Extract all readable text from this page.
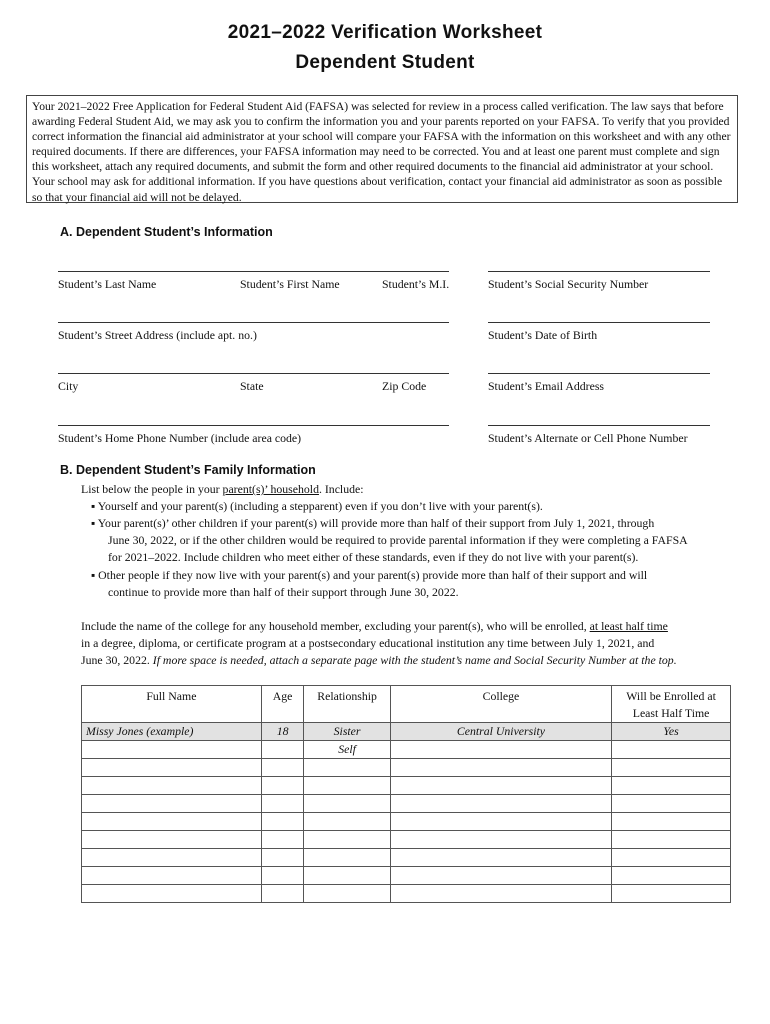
2021–2022 Verification Worksheet
Dependent Student
Your 2021–2022 Free Application for Federal Student Aid (FAFSA) was selected for review in a process called verification. The law says that before awarding Federal Student Aid, we may ask you to confirm the information you and your parents reported on your FAFSA. To verify that you provided correct information the financial aid administrator at your school will compare your FAFSA with the information on this worksheet and with any other required documents. If there are differences, your FAFSA information may need to be corrected. You and at least one parent must complete and sign this worksheet, attach any required documents, and submit the form and other required documents to the financial aid administrator at your school. Your school may ask for additional information. If you have questions about verification, contact your financial aid administrator as soon as possible so that your financial aid will not be delayed.
A. Dependent Student’s Information
Student’s Last Name	Student’s First Name	Student’s M.I.	Student’s Social Security Number
Student’s Street Address (include apt. no.)	Student’s Date of Birth
City	State	Zip Code	Student’s Email Address
Student’s Home Phone Number (include area code)	Student’s Alternate or Cell Phone Number
B. Dependent Student’s Family Information
List below the people in your parent(s)’ household. Include:
▪ Yourself and your parent(s) (including a stepparent) even if you don’t live with your parent(s).
▪ Your parent(s)’ other children if your parent(s) will provide more than half of their support from July 1, 2021, through
June 30, 2022, or if the other children would be required to provide parental information if they were completing a FAFSA
for 2021–2022. Include children who meet either of these standards, even if they do not live with your parent(s).
▪ Other people if they now live with your parent(s) and your parent(s) provide more than half of their support and will
continue to provide more than half of their support through June 30, 2022.
Include the name of the college for any household member, excluding your parent(s), who will be enrolled, at least half time
in a degree, diploma, or certificate program at a postsecondary educational institution any time between July 1, 2021, and
June 30, 2022. If more space is needed, attach a separate page with the student’s name and Social Security Number at the top.
Full Name	Age	Relationship	College	Will be Enrolled at Least Half Time
Missy Jones (example)	18	Sister	Central University	Yes
		Self		
